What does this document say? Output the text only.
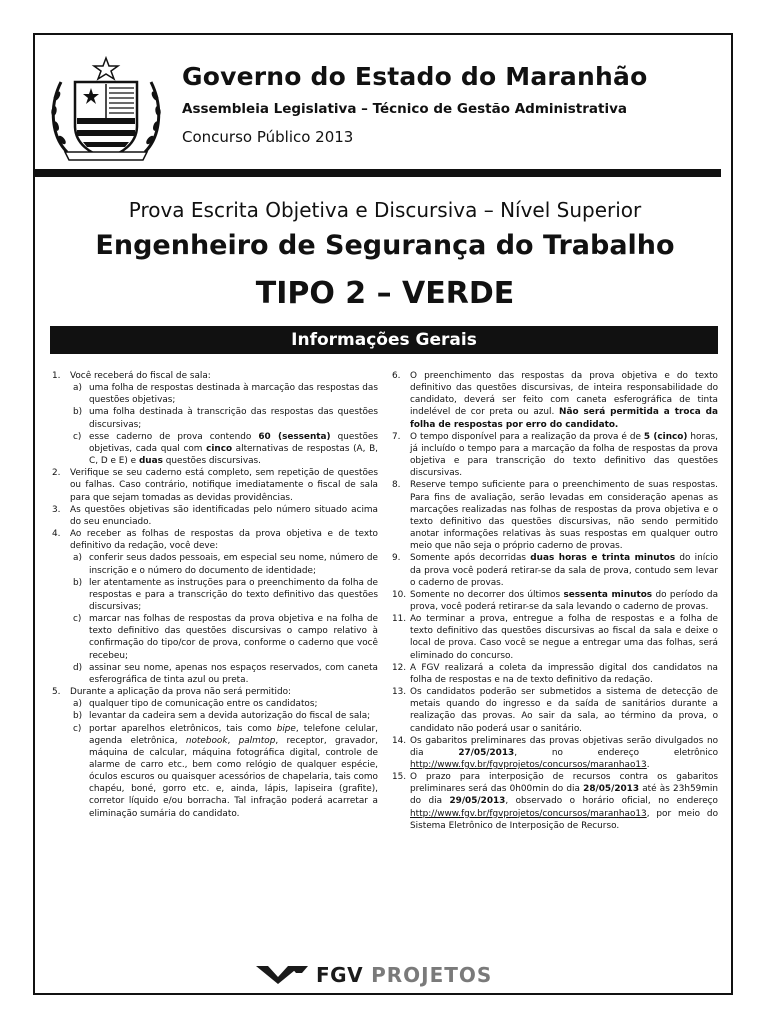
Governo do Estado do Maranhão
Assembleia Legislativa – Técnico de Gestão Administrativa
Concurso Público 2013
Prova Escrita Objetiva e Discursiva – Nível Superior
Engenheiro de Segurança do Trabalho
TIPO 2 – VERDE
Informações Gerais
1. Você receberá do fiscal de sala:
a) uma folha de respostas destinada à marcação das respostas das questões objetivas;
b) uma folha destinada à transcrição das respostas das questões discursivas;
c) esse caderno de prova contendo 60 (sessenta) questões objetivas, cada qual com cinco alternativas de respostas (A, B, C, D e E) e duas questões discursivas.
2. Verifique se seu caderno está completo, sem repetição de questões ou falhas. Caso contrário, notifique imediatamente o fiscal de sala para que sejam tomadas as devidas providências.
3. As questões objetivas são identificadas pelo número situado acima do seu enunciado.
4. Ao receber as folhas de respostas da prova objetiva e de texto definitivo da redação, você deve:
a) conferir seus dados pessoais, em especial seu nome, número de inscrição e o número do documento de identidade;
b) ler atentamente as instruções para o preenchimento da folha de respostas e para a transcrição do texto definitivo das questões discursivas;
c) marcar nas folhas de respostas da prova objetiva e na folha de texto definitivo das questões discursivas o campo relativo à confirmação do tipo/cor de prova, conforme o caderno que você recebeu;
d) assinar seu nome, apenas nos espaços reservados, com caneta esferográfica de tinta azul ou preta.
5. Durante a aplicação da prova não será permitido:
a) qualquer tipo de comunicação entre os candidatos;
b) levantar da cadeira sem a devida autorização do fiscal de sala;
c) portar aparelhos eletrônicos, tais como bipe, telefone celular, agenda eletrônica, notebook, palmtop, receptor, gravador, máquina de calcular, máquina fotográfica digital, controle de alarme de carro etc., bem como relógio de qualquer espécie, óculos escuros ou quaisquer acessórios de chapelaria, tais como chapéu, boné, gorro etc. e, ainda, lápis, lapiseira (grafite), corretor líquido e/ou borracha. Tal infração poderá acarretar a eliminação sumária do candidato.
6. O preenchimento das respostas da prova objetiva e do texto definitivo das questões discursivas, de inteira responsabilidade do candidato, deverá ser feito com caneta esferográfica de tinta indelével de cor preta ou azul. Não será permitida a troca da folha de respostas por erro do candidato.
7. O tempo disponível para a realização da prova é de 5 (cinco) horas, já incluído o tempo para a marcação da folha de respostas da prova objetiva e para transcrição do texto definitivo das questões discursivas.
8. Reserve tempo suficiente para o preenchimento de suas respostas. Para fins de avaliação, serão levadas em consideração apenas as marcações realizadas nas folhas de respostas da prova objetiva e o texto definitivo das questões discursivas, não sendo permitido anotar informações relativas às suas respostas em qualquer outro meio que não seja o próprio caderno de provas.
9. Somente após decorridas duas horas e trinta minutos do início da prova você poderá retirar-se da sala de prova, contudo sem levar o caderno de provas.
10. Somente no decorrer dos últimos sessenta minutos do período da prova, você poderá retirar-se da sala levando o caderno de provas.
11. Ao terminar a prova, entregue a folha de respostas e a folha de texto definitivo das questões discursivas ao fiscal da sala e deixe o local de prova. Caso você se negue a entregar uma das folhas, será eliminado do concurso.
12. A FGV realizará a coleta da impressão digital dos candidatos na folha de respostas e na de texto definitivo da redação.
13. Os candidatos poderão ser submetidos a sistema de detecção de metais quando do ingresso e da saída de sanitários durante a realização das provas. Ao sair da sala, ao término da prova, o candidato não poderá usar o sanitário.
14. Os gabaritos preliminares das provas objetivas serão divulgados no dia 27/05/2013, no endereço eletrônico http://www.fgv.br/fgvprojetos/concursos/maranhao13.
15. O prazo para interposição de recursos contra os gabaritos preliminares será das 0h00min do dia 28/05/2013 até às 23h59min do dia 29/05/2013, observado o horário oficial, no endereço http://www.fgv.br/fgvprojetos/concursos/maranhao13, por meio do Sistema Eletrônico de Interposição de Recurso.
FGV PROJETOS
